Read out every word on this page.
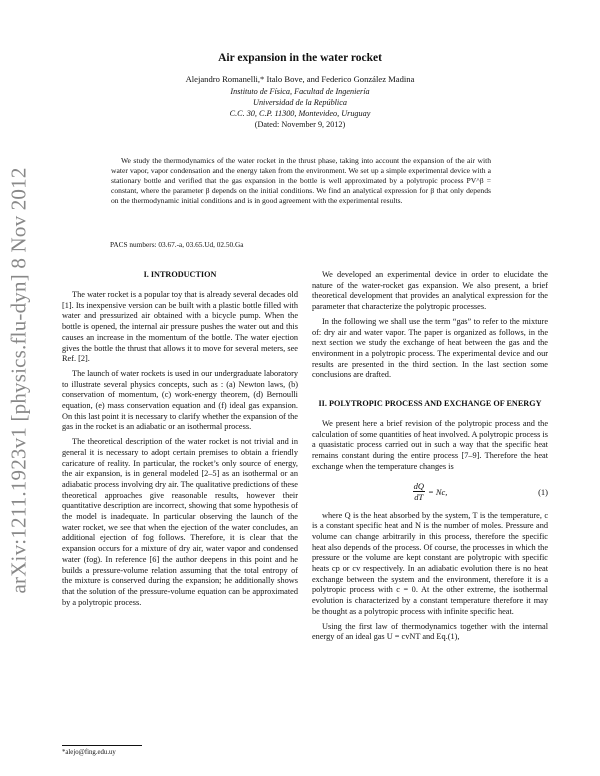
arXiv:1211.1923v1 [physics.flu-dyn] 8 Nov 2012
Air expansion in the water rocket
Alejandro Romanelli,* Italo Bove, and Federico González Madina
Instituto de Física, Facultad de Ingeniería
Universidad de la República
C.C. 30, C.P. 11300, Montevideo, Uruguay
(Dated: November 9, 2012)

We study the thermodynamics of the water rocket in the thrust phase, taking into account the expansion of the air with water vapor, vapor condensation and the energy taken from the environment. We set up a simple experimental device with a stationary bottle and verified that the gas expansion in the bottle is well approximated by a polytropic process PV^β = constant, where the parameter β depends on the initial conditions. We find an analytical expression for β that only depends on the thermodynamic initial conditions and is in good agreement with the experimental results.

PACS numbers: 03.67.-a, 03.65.Ud, 02.50.Ga

I. INTRODUCTION

The water rocket is a popular toy that is already several decades old [1]. Its inexpensive version can be built with a plastic bottle filled with water and pressurized air obtained with a bicycle pump. When the bottle is opened, the internal air pressure pushes the water out and this causes an increase in the momentum of the bottle. The water ejection gives the bottle the thrust that allows it to move for several meters, see Ref. [2].

The launch of water rockets is used in our undergraduate laboratory to illustrate several physics concepts, such as : (a) Newton laws, (b) conservation of momentum, (c) work-energy theorem, (d) Bernoulli equation, (e) mass conservation equation and (f) ideal gas expansion. On this last point it is necessary to clarify whether the expansion of the gas in the rocket is an adiabatic or an isothermal process.

The theoretical description of the water rocket is not trivial and in general it is necessary to adopt certain premises to obtain a friendly caricature of reality. In particular, the rocket’s only source of energy, the air expansion, is in general modeled [2–5] as an isothermal or an adiabatic process involving dry air. The qualitative predictions of these theoretical approaches give reasonable results, however their quantitative description are incorrect, showing that some hypothesis of the model is inadequate. In particular observing the launch of the water rocket, we see that when the ejection of the water concludes, an additional ejection of fog follows. Therefore, it is clear that the expansion occurs for a mixture of dry air, water vapor and condensed water (fog). In reference [6] the author deepens in this point and he builds a pressure-volume relation assuming that the total entropy of the mixture is conserved during the expansion; he additionally shows that the solution of the pressure-volume equation can be approximated by a polytropic process.

We developed an experimental device in order to elucidate the nature of the water-rocket gas expansion. We also present, a brief theoretical development that provides an analytical expression for the parameter that characterize the polytropic processes.

In the following we shall use the term “gas” to refer to the mixture of: dry air and water vapor. The paper is organized as follows, in the next section we study the exchange of heat between the gas and the environment in a polytropic process. The experimental device and our results are presented in the third section. In the last section some conclusions are drafted.

II. POLYTROPIC PROCESS AND EXCHANGE OF ENERGY

We present here a brief revision of the polytropic process and the calculation of some quantities of heat involved. A polytropic process is a quasistatic process carried out in such a way that the specific heat remains constant during the entire process [7–9]. Therefore the heat exchange when the temperature changes is

$\frac{dQ}{dT} = Nc$,	(1)

where Q is the heat absorbed by the system, T is the temperature, c is a constant specific heat and N is the number of moles. Pressure and volume can change arbitrarily in this process, therefore the specific heat also depends of the process. Of course, the processes in which the pressure or the volume are kept constant are polytropic with specific heats cp or cv respectively. In an adiabatic evolution there is no heat exchange between the system and the environment, therefore it is a polytropic process with c = 0. At the other extreme, the isothermal evolution is characterized by a constant temperature therefore it may be thought as a polytropic process with infinite specific heat.

Using the first law of thermodynamics together with the internal energy of an ideal gas U = cvNT and Eq.(1),

*alejo@fing.edu.uy
